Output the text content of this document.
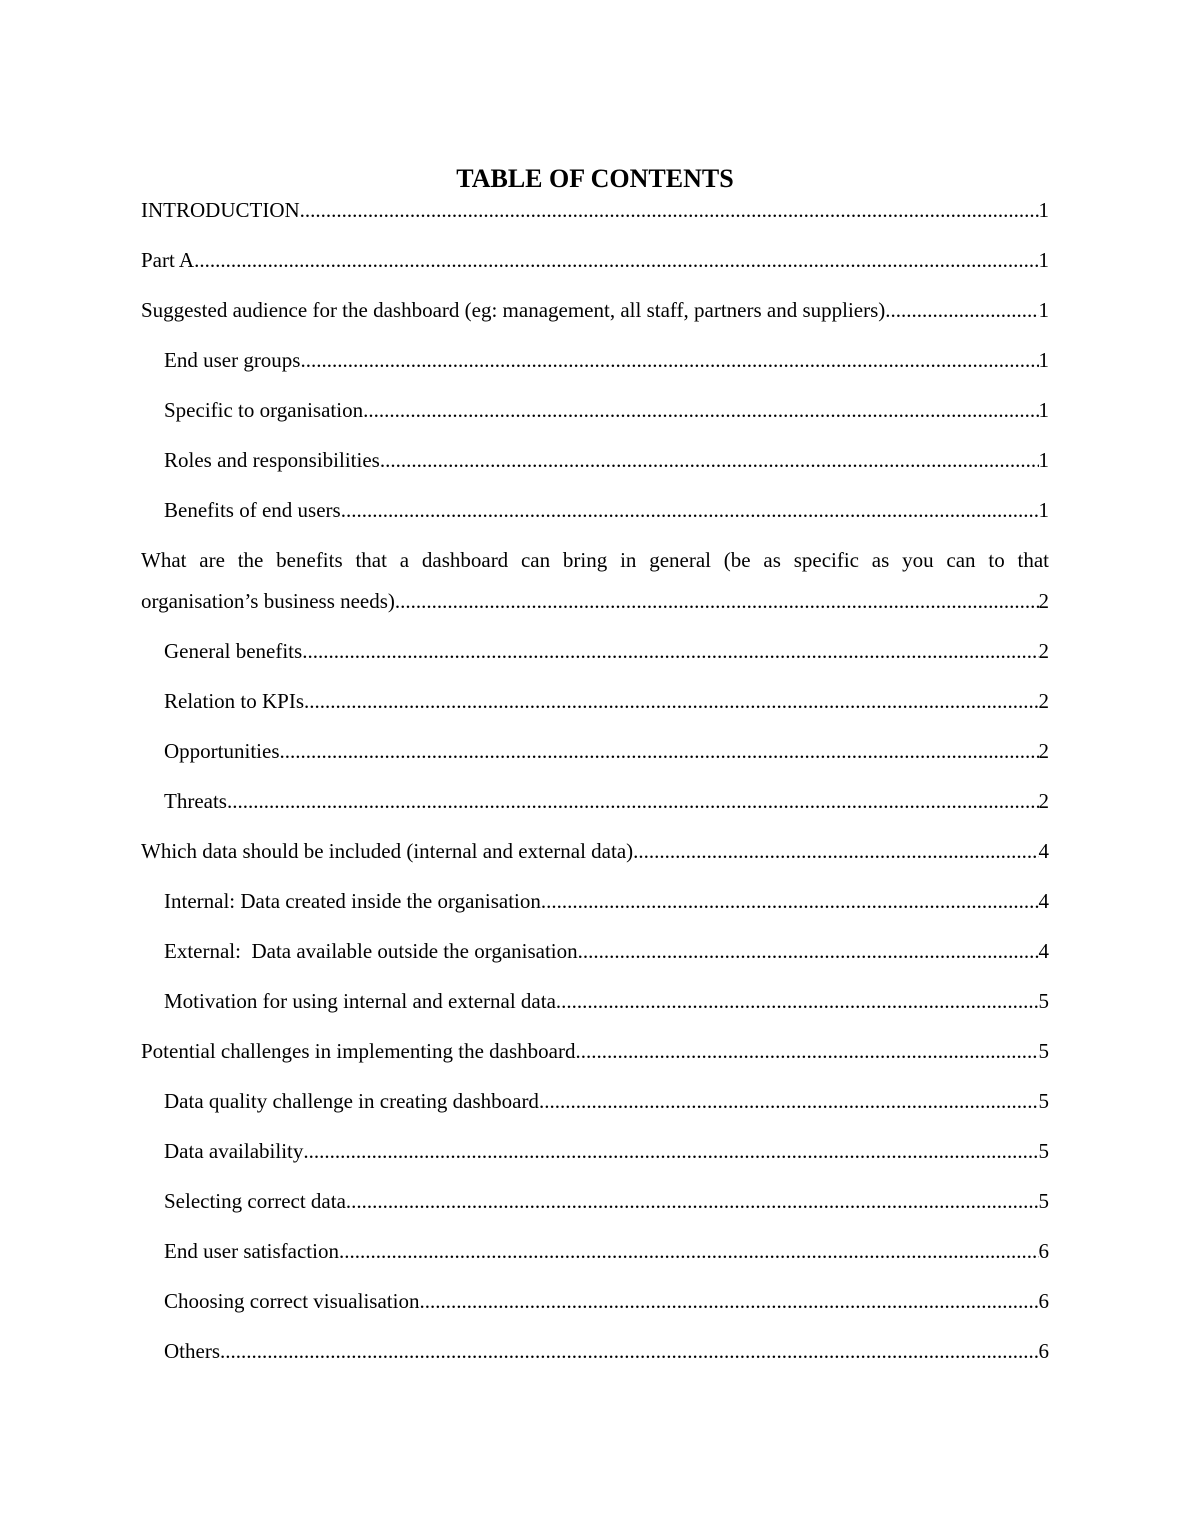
TABLE OF CONTENTS
INTRODUCTION .....	1
Part A .....	1
Suggested audience for the dashboard (eg: management, all staff, partners and suppliers) .....	1
End user groups .....	1
Specific to organisation .....	1
Roles and responsibilities .....	1
Benefits of end users .....	1
What are the benefits that a dashboard can bring in general (be as specific as you can to that
organisation’s business needs) .....	2
General benefits .....	2
Relation to KPIs .....	2
Opportunities .....	2
Threats .....	2
Which data should be included (internal and external data) .....	4
Internal: Data created inside the organisation .....	4
External:  Data available outside the organisation .....	4
Motivation for using internal and external data .....	5
Potential challenges in implementing the dashboard .....	5
Data quality challenge in creating dashboard .....	5
Data availability .....	5
Selecting correct data .....	5
End user satisfaction .....	6
Choosing correct visualisation .....	6
Others .....	6
